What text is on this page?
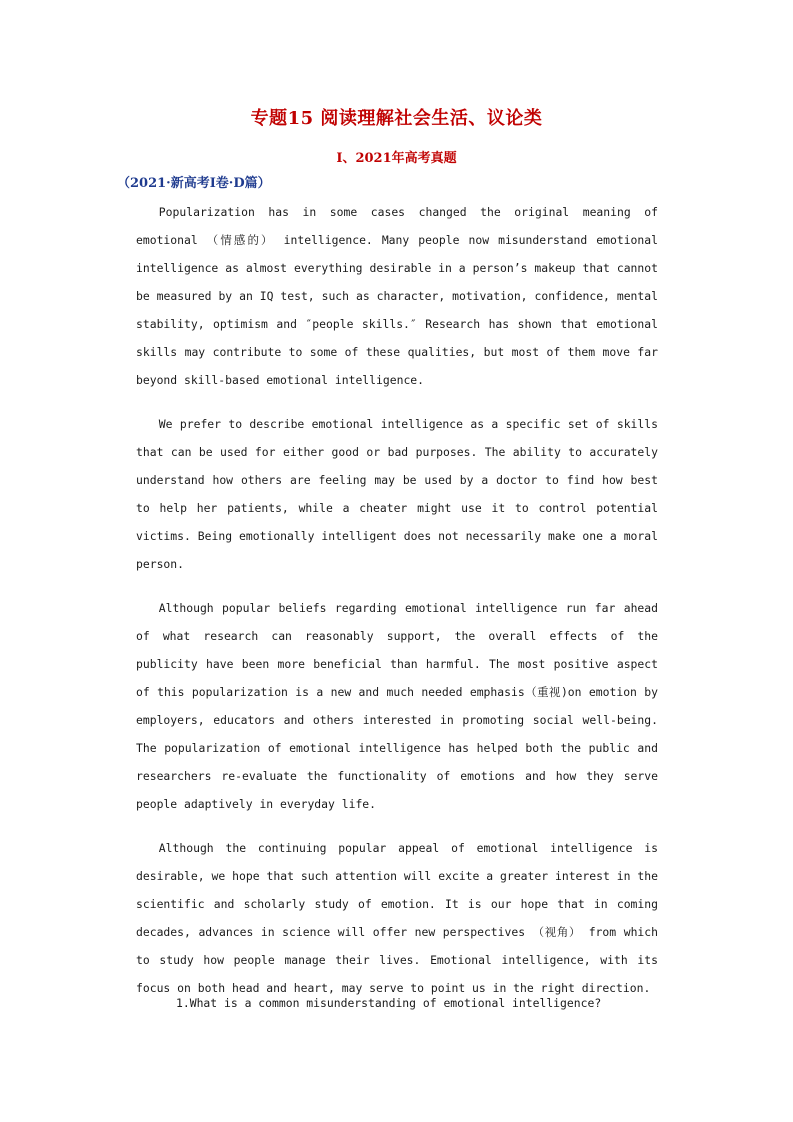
专题15 阅读理解社会生活、议论类
I、2021年高考真题
（2021·新高考Ⅰ卷·D篇）

Popularization has in some cases changed the original meaning of emotional （情感的） intelligence. Many people now misunderstand emotional intelligence as almost everything desirable in a person’s makeup that cannot be measured by an IQ test, such as character, motivation, confidence, mental stability, optimism and ″people skills.″ Research has shown that emotional skills may contribute to some of these qualities, but most of them move far beyond skill-based emotional intelligence.

We prefer to describe emotional intelligence as a specific set of skills that can be used for either good or bad purposes. The ability to accurately understand how others are feeling may be used by a doctor to find how best to help her patients, while a cheater might use it to control potential victims. Being emotionally intelligent does not necessarily make one a moral person.

Although popular beliefs regarding emotional intelligence run far ahead of what research can reasonably support, the overall effects of the publicity have been more beneficial than harmful. The most positive aspect of this popularization is a new and much needed emphasis（重视)on emotion by employers, educators and others interested in promoting social well-being. The popularization of emotional intelligence has helped both the public and researchers re-evaluate the functionality of emotions and how they serve people adaptively in everyday life.

Although the continuing popular appeal of emotional intelligence is desirable, we hope that such attention will excite a greater interest in the scientific and scholarly study of emotion. It is our hope that in coming decades, advances in science will offer new perspectives （视角） from which to study how people manage their lives. Emotional intelligence, with its focus on both head and heart, may serve to point us in the right direction.

1.What is a common misunderstanding of emotional intelligence?
